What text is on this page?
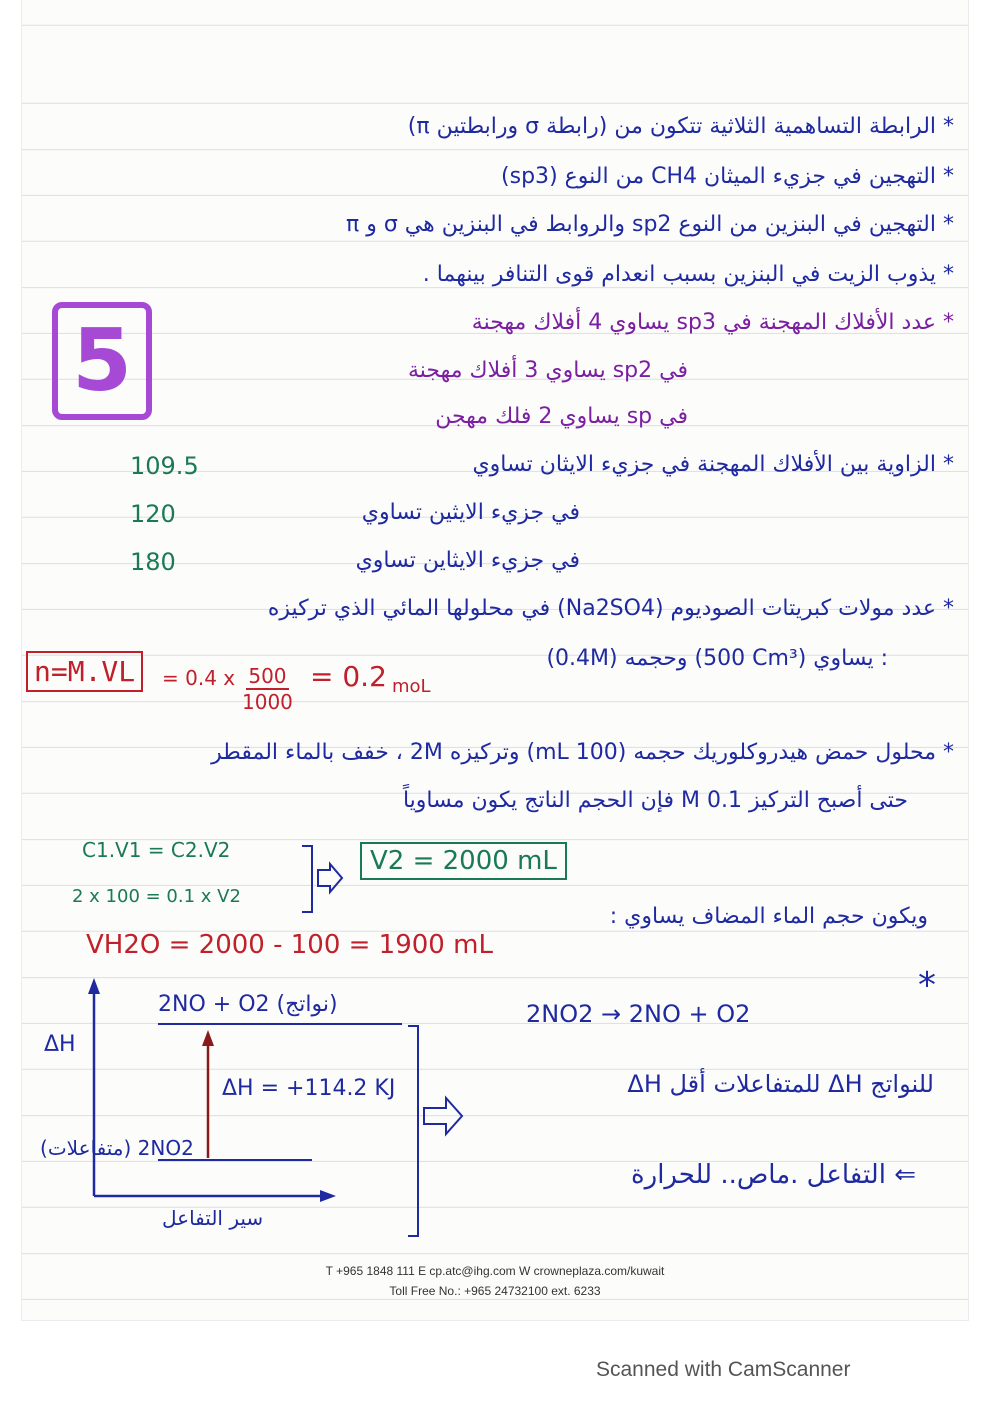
* الرابطة التساهمية الثلاثية تتكون من (رابطة σ ورابطتين π)
* التهجين في جزيء الميثان CH4 من النوع (sp3)
* التهجين في البنزين من النوع sp2 والروابط في البنزين هي σ و π
* يذوب الزيت في البنزين بسبب انعدام قوى التنافر بينهما .
5	* عدد الأفلاك المهجنة في sp3 يساوي 4 أفلاك مهجنة
في sp2 يساوي 3 أفلاك مهجنة
في sp يساوي 2 فلك مهجن
* الزاوية بين الأفلاك المهجنة في جزيء الايثان تساوي
109.5
في جزيء الايثين تساوي
120
في جزيء الايثاين تساوي
180
* عدد مولات كبريتات الصوديوم (Na2SO4) في محلولها المائي الذي تركيزه
(0.4M) وحجمه (500 Cm³) يساوي :
n=M.VL	= 0.4 x $\frac{500}{1000} = 0.2$ moL
* محلول حمض هيدروكلوريك حجمه (100 mL) وتركيزه 2M ، خفف بالماء المقطر
حتى أصبح التركيز 0.1 M فإن الحجم الناتج يكون مساوياً
C1.V1 = C2.V2
2 x 100 = 0.1 x V2
V2 = 2000 mL
ويكون حجم الماء المضاف يساوي :
VH2O = 2000 - 100 = 1900 mL
*
ΔH
2NO + O2 (نواتج)
(متفاعلات) 2NO2
ΔH = +114.2 KJ
سير التفاعل
2NO2 → 2NO + O2
ΔH للمتفاعلات أقل ΔH للنواتج
⇐ التفاعل .ماص.. للحرارة
T +965 1848 111 E cp.atc@ihg.com W crowneplaza.com/kuwait
Toll Free No.: +965 24732100 ext. 6233
Scanned with CamScanner
